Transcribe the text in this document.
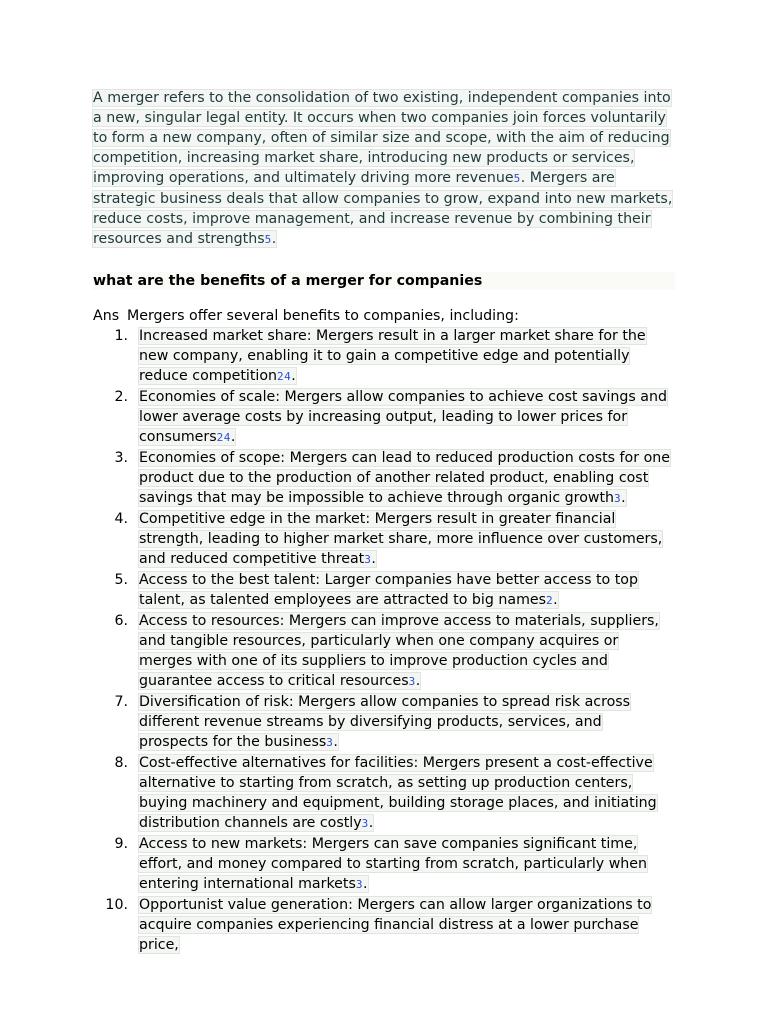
A merger refers to the consolidation of two existing, independent companies into a new, singular legal entity. It occurs when two companies join forces voluntarily to form a new company, often of similar size and scope, with the aim of reducing competition, increasing market share, introducing new products or services, improving operations, and ultimately driving more revenue5. Mergers are strategic business deals that allow companies to grow, expand into new markets, reduce costs, improve management, and increase revenue by combining their resources and strengths5.

what are the benefits of a merger for companies
Ans Mergers offer several benefits to companies, including:
1. Increased market share: Mergers result in a larger market share for the new company, enabling it to gain a competitive edge and potentially reduce competition24.
2. Economies of scale: Mergers allow companies to achieve cost savings and lower average costs by increasing output, leading to lower prices for consumers24.
3. Economies of scope: Mergers can lead to reduced production costs for one product due to the production of another related product, enabling cost savings that may be impossible to achieve through organic growth3.
4. Competitive edge in the market: Mergers result in greater financial strength, leading to higher market share, more influence over customers, and reduced competitive threat3.
5. Access to the best talent: Larger companies have better access to top talent, as talented employees are attracted to big names2.
6. Access to resources: Mergers can improve access to materials, suppliers, and tangible resources, particularly when one company acquires or merges with one of its suppliers to improve production cycles and guarantee access to critical resources3.
7. Diversification of risk: Mergers allow companies to spread risk across different revenue streams by diversifying products, services, and prospects for the business3.
8. Cost-effective alternatives for facilities: Mergers present a cost-effective alternative to starting from scratch, as setting up production centers, buying machinery and equipment, building storage places, and initiating distribution channels are costly3.
9. Access to new markets: Mergers can save companies significant time, effort, and money compared to starting from scratch, particularly when entering international markets3.
10. Opportunist value generation: Mergers can allow larger organizations to acquire companies experiencing financial distress at a lower purchase price,
